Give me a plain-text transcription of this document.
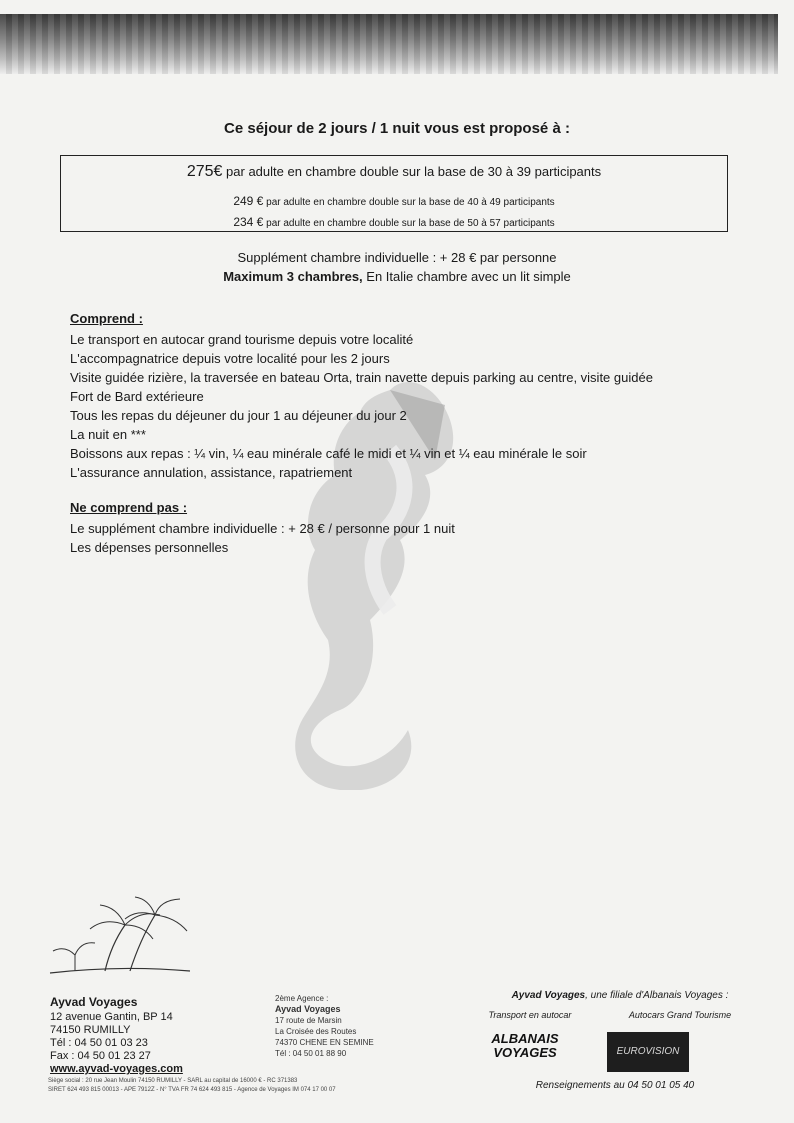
Ce séjour de 2 jours / 1 nuit vous est proposé à :
275€ par adulte en chambre double sur la base de 30 à 39 participants
249 € par adulte en chambre double sur la base de 40 à 49 participants
234 € par adulte en chambre double sur la base de 50 à 57 participants
Supplément chambre individuelle : + 28 € par personne
Maximum 3 chambres, En Italie chambre avec un lit simple
Comprend :
Le transport en autocar grand tourisme depuis votre localité
L'accompagnatrice depuis votre localité pour les 2 jours
Visite guidée rizière, la traversée en bateau Orta, train navette depuis parking au centre, visite guidée
Fort de Bard extérieure
Tous les repas du déjeuner du jour 1 au déjeuner du jour 2
La nuit en ***
Boissons aux repas : ¼ vin, ¼ eau minérale café le midi et ¼ vin et ¼ eau minérale le soir
L'assurance annulation, assistance, rapatriement
Ne comprend pas :
Le supplément chambre individuelle : + 28 € / personne pour 1 nuit
Les dépenses personnelles
Ayvad Voyages
12 avenue Gantin, BP 14
74150 RUMILLY
Tél : 04 50 01 03 23
Fax : 04 50 01 23 27
www.ayvad-voyages.com
2ème Agence :
Ayvad Voyages
17 route de Marsin
La Croisée des Routes
74370 CHENE EN SEMINE
Tél : 04 50 01 88 90
Ayvad Voyages, une filiale d'Albanais Voyages :
Transport en autocar	Autocars Grand Tourisme
ALBANAIS VOYAGES	EUROVISION
Renseignements au 04 50 01 05 40
Siège social : 20 rue Jean Moulin 74150 RUMILLY - SARL au capital de 16000 € - RC 371383
SIRET 624 493 815 00013 - APE 7912Z - N° TVA FR 74 624 493 815 - Agence de Voyages IM 074 17 00 07
